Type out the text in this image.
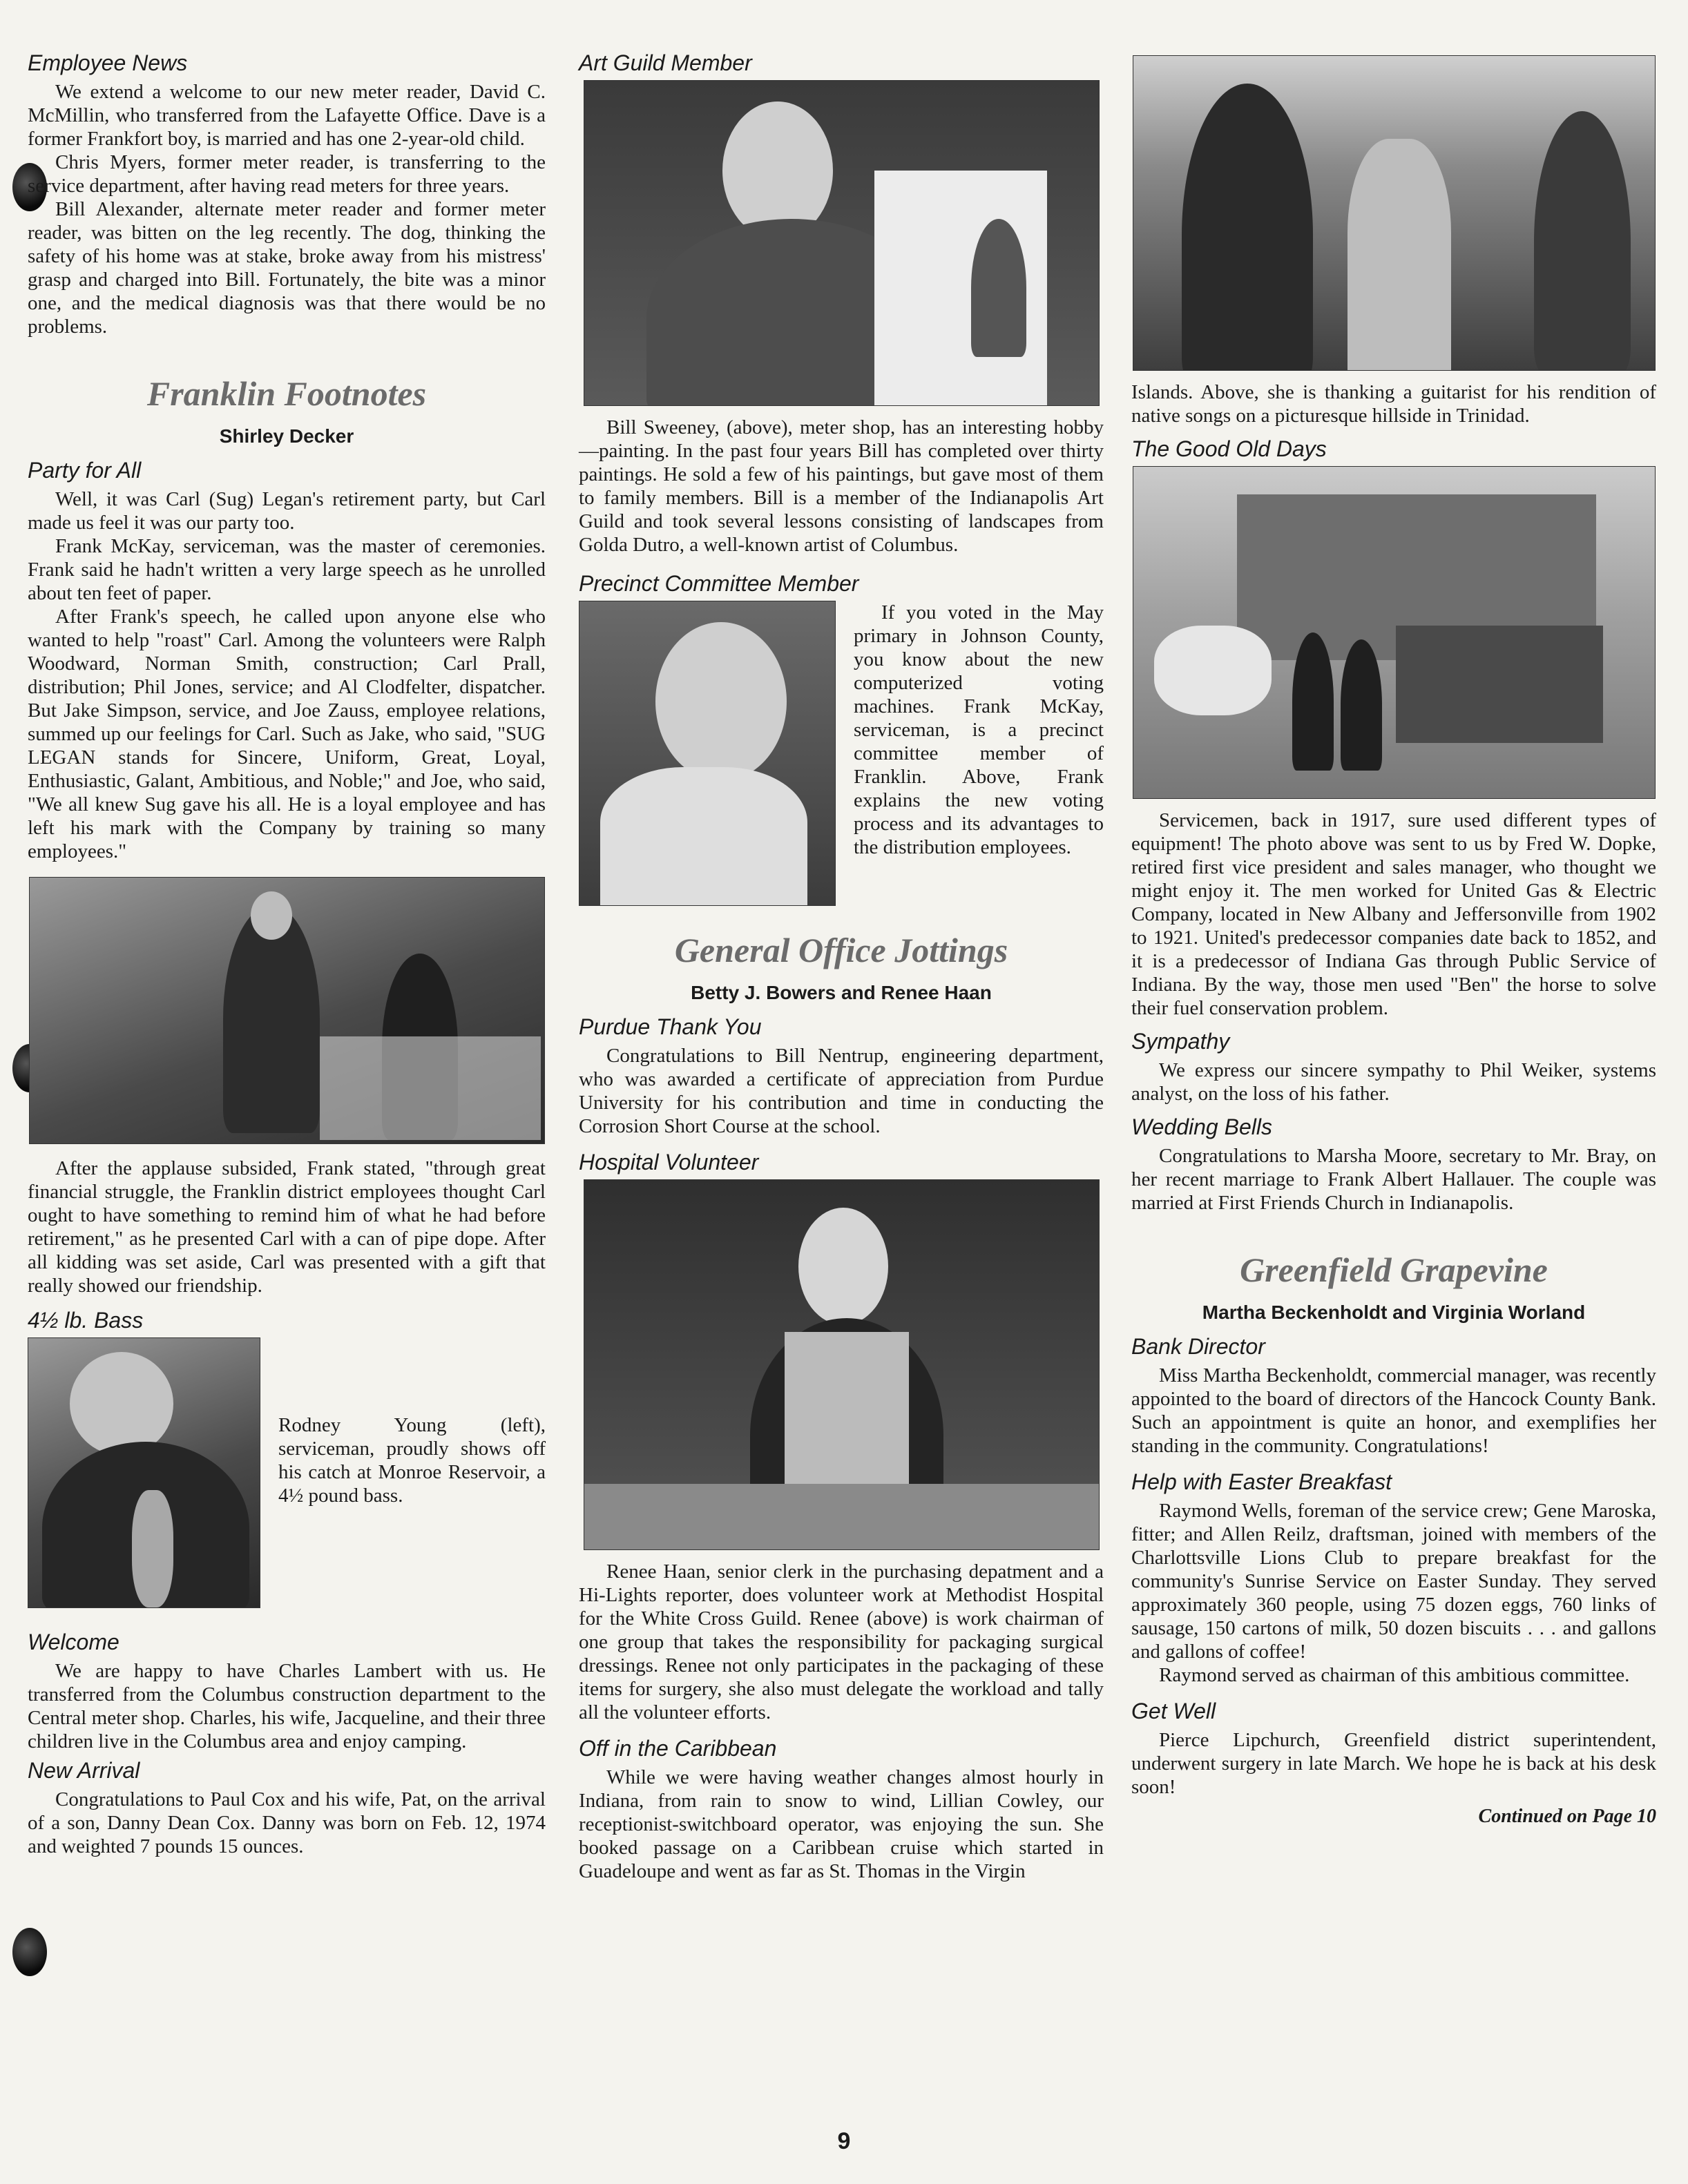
Employee News

We extend a welcome to our new meter reader, David C. McMillin, who transferred from the Lafayette Office. Dave is a former Frankfort boy, is married and has one 2-year-old child.

Chris Myers, former meter reader, is transferring to the service department, after having read meters for three years.

Bill Alexander, alternate meter reader and former meter reader, was bitten on the leg recently. The dog, thinking the safety of his home was at stake, broke away from his mistress' grasp and charged into Bill. Fortunately, the bite was a minor one, and the medical diagnosis was that there would be no problems.

Franklin Footnotes
Shirley Decker
Party for All

Well, it was Carl (Sug) Legan's retirement party, but Carl made us feel it was our party too.

Frank McKay, serviceman, was the master of ceremonies. Frank said he hadn't written a very large speech as he unrolled about ten feet of paper.

After Frank's speech, he called upon anyone else who wanted to help "roast" Carl. Among the volunteers were Ralph Woodward, Norman Smith, construction; Carl Prall, distribution; Phil Jones, service; and Al Clodfelter, dispatcher. But Jake Simpson, service, and Joe Zauss, employee relations, summed up our feelings for Carl. Such as Jake, who said, "SUG LEGAN stands for Sincere, Uniform, Great, Loyal, Enthusiastic, Galant, Ambitious, and Noble;" and Joe, who said, "We all knew Sug gave his all. He is a loyal employee and has left his mark with the Company by training so many employees."

After the applause subsided, Frank stated, "through great financial struggle, the Franklin district employees thought Carl ought to have something to remind him of what he had before retirement," as he presented Carl with a can of pipe dope. After all kidding was set aside, Carl was presented with a gift that really showed our friendship.

4½ lb. Bass

Rodney Young (left), serviceman, proudly shows off his catch at Monroe Reservoir, a 4½ pound bass.

Welcome

We are happy to have Charles Lambert with us. He transferred from the Columbus construction department to the Central meter shop. Charles, his wife, Jacqueline, and their three children live in the Columbus area and enjoy camping.

New Arrival

Congratulations to Paul Cox and his wife, Pat, on the arrival of a son, Danny Dean Cox. Danny was born on Feb. 12, 1974 and weighted 7 pounds 15 ounces.

Art Guild Member

Bill Sweeney, (above), meter shop, has an interesting hobby—painting. In the past four years Bill has completed over thirty paintings. He sold a few of his paintings, but gave most of them to family members. Bill is a member of the Indianapolis Art Guild and took several lessons consisting of landscapes from Golda Dutro, a well-known artist of Columbus.

Precinct Committee Member

If you voted in the May primary in Johnson County, you know about the new computerized voting machines. Frank McKay, serviceman, is a precinct committee member of Franklin. Above, Frank explains the new voting process and its advantages to the distribution employees.

General Office Jottings
Betty J. Bowers and Renee Haan
Purdue Thank You

Congratulations to Bill Nentrup, engineering department, who was awarded a certificate of appreciation from Purdue University for his contribution and time in conducting the Corrosion Short Course at the school.

Hospital Volunteer

Renee Haan, senior clerk in the purchasing depatment and a Hi-Lights reporter, does volunteer work at Methodist Hospital for the White Cross Guild. Renee (above) is work chairman of one group that takes the responsibility for packaging surgical dressings. Renee not only participates in the packaging of these items for surgery, she also must delegate the workload and tally all the volunteer efforts.

Off in the Caribbean

While we were having weather changes almost hourly in Indiana, from rain to snow to wind, Lillian Cowley, our receptionist-switchboard operator, was enjoying the sun. She booked passage on a Caribbean cruise which started in Guadeloupe and went as far as St. Thomas in the Virgin

Islands. Above, she is thanking a guitarist for his rendition of native songs on a picturesque hillside in Trinidad.

The Good Old Days

Servicemen, back in 1917, sure used different types of equipment! The photo above was sent to us by Fred W. Dopke, retired first vice president and sales manager, who thought we might enjoy it. The men worked for United Gas & Electric Company, located in New Albany and Jeffersonville from 1902 to 1921. United's predecessor companies date back to 1852, and it is a predecessor of Indiana Gas through Public Service of Indiana. By the way, those men used "Ben" the horse to solve their fuel conservation problem.

Sympathy

We express our sincere sympathy to Phil Weiker, systems analyst, on the loss of his father.

Wedding Bells

Congratulations to Marsha Moore, secretary to Mr. Bray, on her recent marriage to Frank Albert Hallauer. The couple was married at First Friends Church in Indianapolis.

Greenfield Grapevine
Martha Beckenholdt and Virginia Worland
Bank Director

Miss Martha Beckenholdt, commercial manager, was recently appointed to the board of directors of the Hancock County Bank. Such an appointment is quite an honor, and exemplifies her standing in the community. Congratulations!

Help with Easter Breakfast

Raymond Wells, foreman of the service crew; Gene Maroska, fitter; and Allen Reilz, draftsman, joined with members of the Charlottsville Lions Club to prepare breakfast for the community's Sunrise Service on Easter Sunday. They served approximately 360 people, using 75 dozen eggs, 760 links of sausage, 150 cartons of milk, 50 dozen biscuits . . . and gallons and gallons of coffee!

Raymond served as chairman of this ambitious committee.

Get Well

Pierce Lipchurch, Greenfield district superintendent, underwent surgery in late March. We hope he is back at his desk soon!

Continued on Page 10
9
